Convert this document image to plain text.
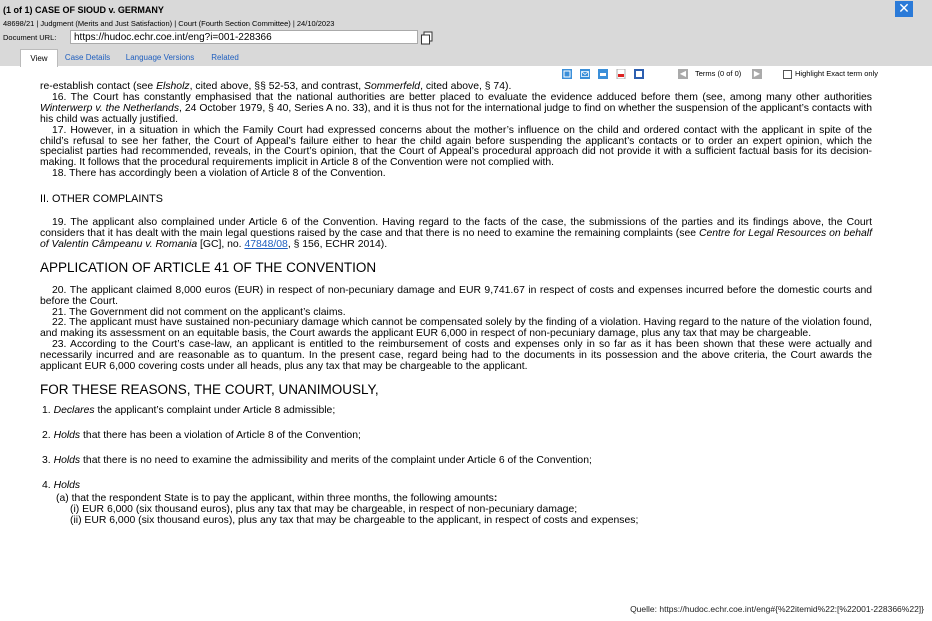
(1 of 1) CASE OF SIOUD v. GERMANY
48698/21 | Judgment (Merits and Just Satisfaction) | Court (Fourth Section Committee) | 24/10/2023
Document URL:	https://hudoc.echr.coe.int/eng?i=001-228366
✕
View	Case Details	Language Versions	Related
◀ Terms (0 of 0) ▶	Highlight Exact term only

re-establish contact (see Elsholz, cited above, §§ 52-53, and contrast, Sommerfeld, cited above, § 74).

16. The Court has constantly emphasised that the national authorities are better placed to evaluate the evidence adduced before them (see, among many other authorities Winterwerp v. the Netherlands, 24 October 1979, § 40, Series A no. 33), and it is thus not for the international judge to find on whether the suspension of the applicant’s contacts with his child was actually justified.

17. However, in a situation in which the Family Court had expressed concerns about the mother’s influence on the child and ordered contact with the applicant in spite of the child’s refusal to see her father, the Court of Appeal’s failure either to hear the child again before suspending the applicant’s contacts or to order an expert opinion, which the specialist parties had recommended, reveals, in the Court’s opinion, that the Court of Appeal’s procedural approach did not provide it with a sufficient factual basis for its decision-making. It follows that the procedural requirements implicit in Article 8 of the Convention were not complied with.

18. There has accordingly been a violation of Article 8 of the Convention.

II. OTHER COMPLAINTS

19. The applicant also complained under Article 6 of the Convention. Having regard to the facts of the case, the submissions of the parties and its findings above, the Court considers that it has dealt with the main legal questions raised by the case and that there is no need to examine the remaining complaints (see Centre for Legal Resources on behalf of Valentin Câmpeanu v. Romania [GC], no. 47848/08, § 156, ECHR 2014).

APPLICATION OF ARTICLE 41 OF THE CONVENTION

20. The applicant claimed 8,000 euros (EUR) in respect of non-pecuniary damage and EUR 9,741.67 in respect of costs and expenses incurred before the domestic courts and before the Court.

21. The Government did not comment on the applicant’s claims.

22. The applicant must have sustained non-pecuniary damage which cannot be compensated solely by the finding of a violation. Having regard to the nature of the violation found, and making its assessment on an equitable basis, the Court awards the applicant EUR 6,000 in respect of non-pecuniary damage, plus any tax that may be chargeable.

23. According to the Court’s case-law, an applicant is entitled to the reimbursement of costs and expenses only in so far as it has been shown that these were actually and necessarily incurred and are reasonable as to quantum. In the present case, regard being had to the documents in its possession and the above criteria, the Court awards the applicant EUR 6,000 covering costs under all heads, plus any tax that may be chargeable to the applicant.

FOR THESE REASONS, THE COURT, UNANIMOUSLY,

1. Declares the applicant’s complaint under Article 8 admissible;

2. Holds that there has been a violation of Article 8 of the Convention;

3. Holds that there is no need to examine the admissibility and merits of the complaint under Article 6 of the Convention;

4. Holds

(a) that the respondent State is to pay the applicant, within three months, the following amounts:

(i) EUR 6,000 (six thousand euros), plus any tax that may be chargeable, in respect of non-pecuniary damage;

(ii) EUR 6,000 (six thousand euros), plus any tax that may be chargeable to the applicant, in respect of costs and expenses;

Quelle: https://hudoc.echr.coe.int/eng#{%22itemid%22:[%22001-228366%22]}
